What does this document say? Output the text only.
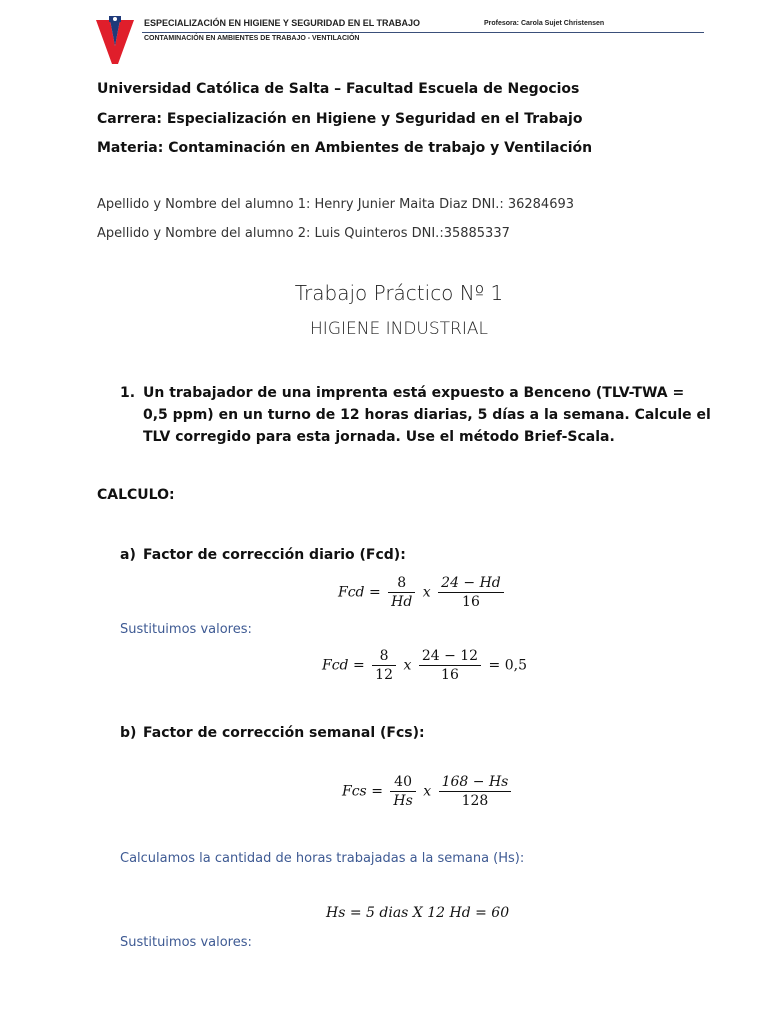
ESPECIALIZACIÓN EN HIGIENE Y SEGURIDAD EN EL TRABAJO	Profesora: Carola Sujet Christensen
CONTAMINACIÓN EN AMBIENTES DE TRABAJO - VENTILACIÓN
Universidad Católica de Salta – Facultad Escuela de Negocios
Carrera: Especialización en Higiene y Seguridad en el Trabajo
Materia: Contaminación en Ambientes de trabajo y Ventilación
Apellido y Nombre del alumno 1: Henry Junier Maita Diaz DNI.: 36284693
Apellido y Nombre del alumno 2: Luis Quinteros DNI.:35885337
Trabajo Práctico Nº 1
HIGIENE INDUSTRIAL
1. Un trabajador de una imprenta está expuesto a Benceno (TLV-TWA = 0,5 ppm) en un turno de 12 horas diarias, 5 días a la semana. Calcule el TLV corregido para esta jornada. Use el método Brief-Scala.
CALCULO:
a) Factor de corrección diario (Fcd):
Fcd = $\frac{8}{Hd}$ x $\frac{24 - Hd}{16}$
Sustituimos valores:
Fcd = $\frac{8}{12}$ x $\frac{24 - 12}{16} = 0,5$
b) Factor de corrección semanal (Fcs):
Fcs = $\frac{40}{Hs}$ x $\frac{168 - Hs}{128}$
Calculamos la cantidad de horas trabajadas a la semana (Hs):
Hs = 5 dias X 12 Hd = 60
Sustituimos valores:
